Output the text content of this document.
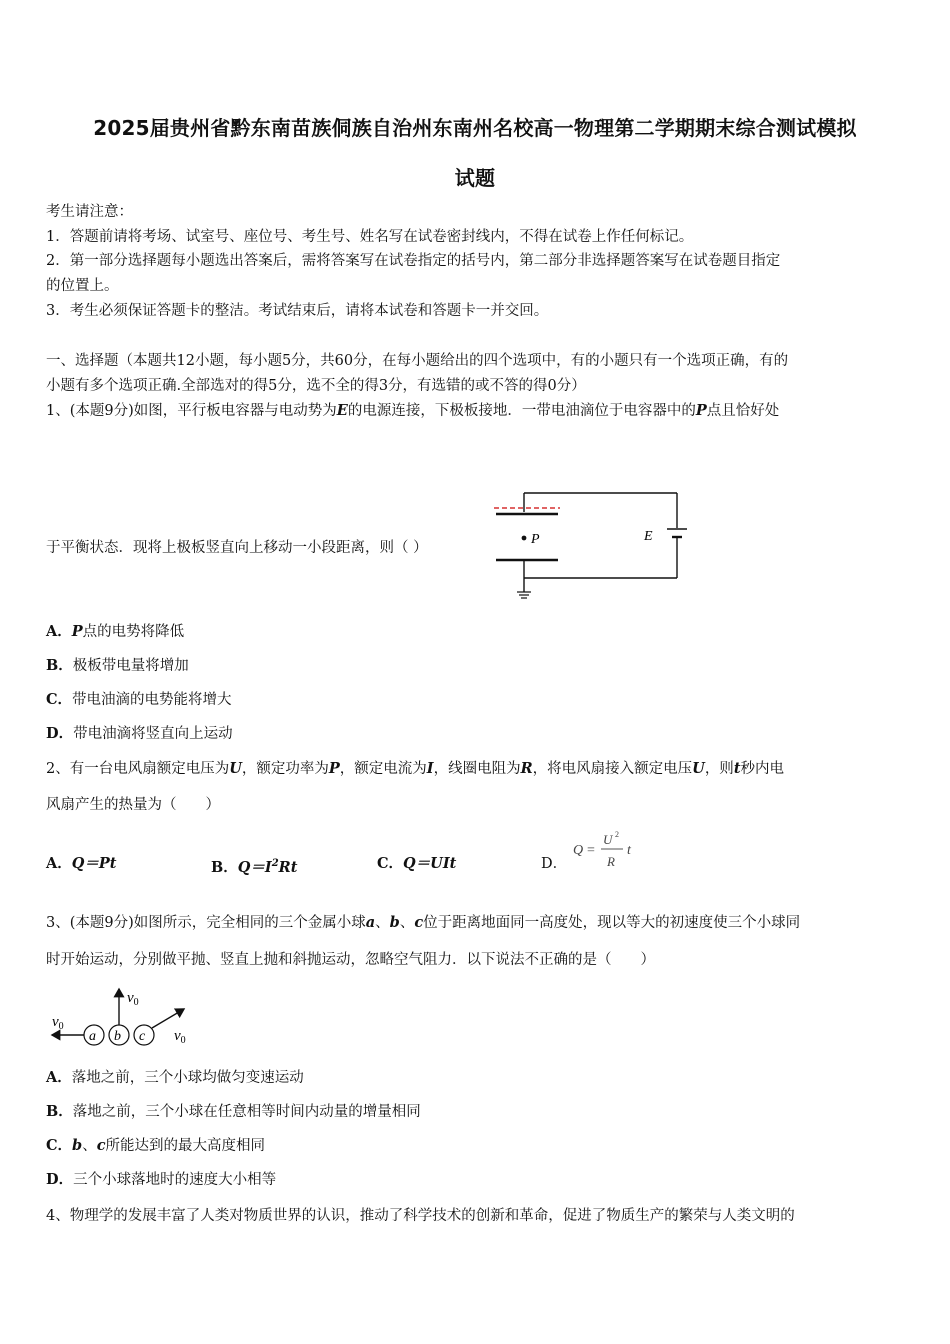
2025届贵州省黔东南苗族侗族自治州东南州名校高一物理第二学期期末综合测试模拟
试题
考生请注意：
1．答题前请将考场、试室号、座位号、考生号、姓名写在试卷密封线内，不得在试卷上作任何标记。
2．第一部分选择题每小题选出答案后，需将答案写在试卷指定的括号内，第二部分非选择题答案写在试卷题目指定
的位置上。
3．考生必须保证答题卡的整洁。考试结束后，请将本试卷和答题卡一并交回。
一、选择题（本题共12小题，每小题5分，共60分，在每小题给出的四个选项中，有的小题只有一个选项正确，有的
小题有多个选项正确.全部选对的得5分，选不全的得3分，有选错的或不答的得0分）
1、(本题9分)如图，平行板电容器与电动势为E的电源连接，下极板接地．一带电油滴位于电容器中的P点且恰好处
于平衡状态．现将上极板竖直向上移动一小段距离，则（ ）
P	E
A．P点的电势将降低
B．极板带电量将增加
C．带电油滴的电势能将增大
D．带电油滴将竖直向上运动
2、有一台电风扇额定电压为U，额定功率为P，额定电流为I，线圈电阻为R，将电风扇接入额定电压U，则t秒内电
风扇产生的热量为（　　）
A．Q＝Pt	B．$Q=I^2Rt$	C．Q＝UIt	D．
Q =
U 2
R
t
3、(本题9分)如图所示，完全相同的三个金属小球a、b、c位于距离地面同一高度处，现以等大的初速度使三个小球同
时开始运动，分别做平抛、竖直上抛和斜抛运动，忽略空气阻力．以下说法不正确的是（　　）
$v_0$
$v_0$
$v_0$
a b c
A．落地之前，三个小球均做匀变速运动
B．落地之前，三个小球在任意相等时间内动量的增量相同
C．b、c所能达到的最大高度相同
D．三个小球落地时的速度大小相等
4、物理学的发展丰富了人类对物质世界的认识，推动了科学技术的创新和革命，促进了物质生产的繁荣与人类文明的
